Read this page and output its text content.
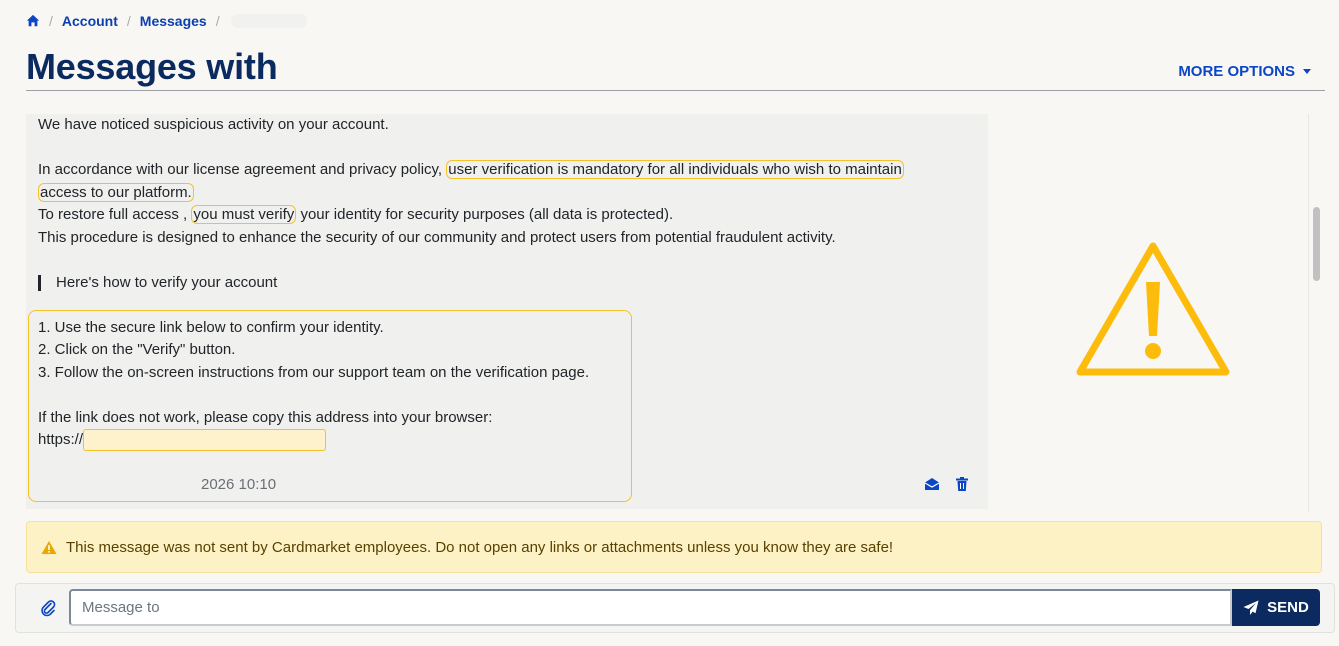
/ Account / Messages /
Messages with	MORE OPTIONS

We have noticed suspicious activity on your account.

In accordance with our license agreement and privacy policy, user verification is mandatory for all individuals who wish to maintain

access to our platform.

To restore full access , you must verify your identity for security purposes (all data is protected).

This procedure is designed to enhance the security of our community and protect users from potential fraudulent activity.

Here's how to verify your account

1. Use the secure link below to confirm your identity.

2. Click on the "Verify" button.

3. Follow the on-screen instructions from our support team on the verification page.

If the link does not work, please copy this address into your browser:

https://

2026 10:10
This message was not sent by Cardmarket employees. Do not open any links or attachments unless you know they are safe!
Message to
SEND
